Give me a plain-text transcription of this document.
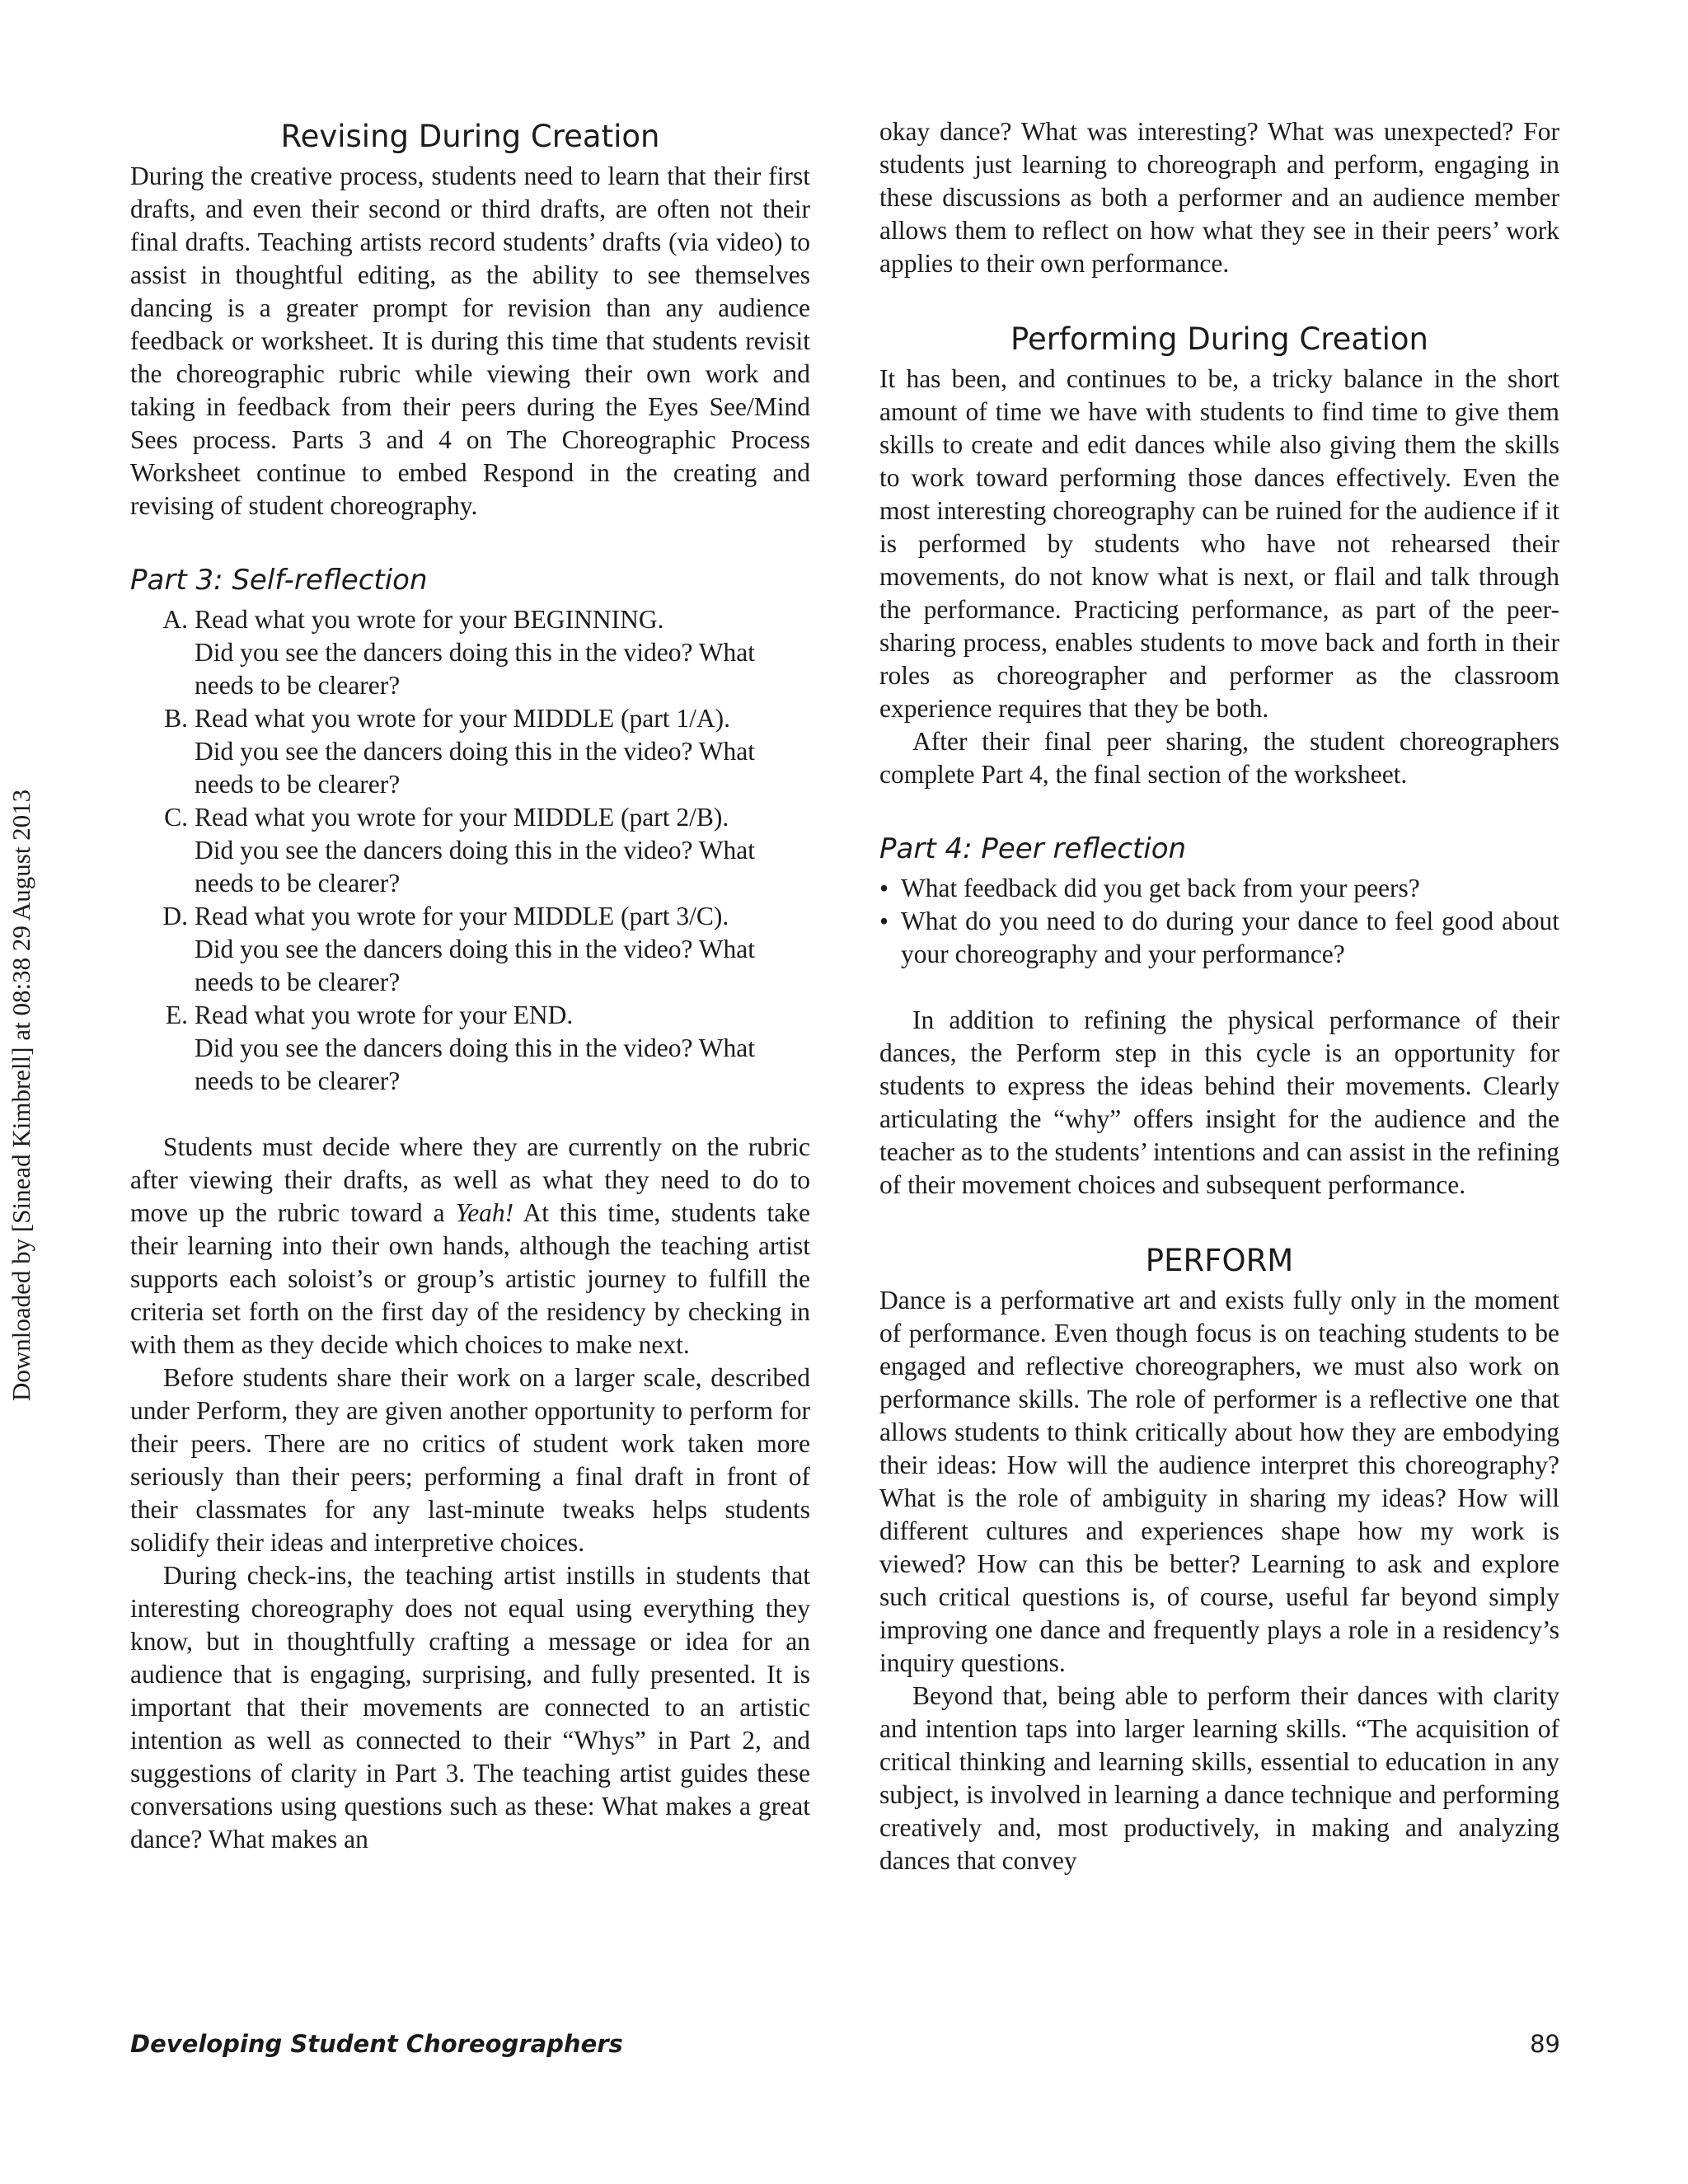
Downloaded by [Sinead Kimbrell] at 08:38 29 August 2013
Revising During Creation

During the creative process, students need to learn that their first drafts, and even their second or third drafts, are often not their final drafts. Teaching artists record students’ drafts (via video) to assist in thoughtful editing, as the ability to see themselves dancing is a greater prompt for revision than any audience feedback or worksheet. It is during this time that students revisit the choreographic rubric while viewing their own work and taking in feedback from their peers during the Eyes See/Mind Sees process. Parts 3 and 4 on The Choreographic Process Worksheet continue to embed Respond in the creating and revising of student choreography.

Part 3: Self-reflection
A. Read what you wrote for your BEGINNING.
Did you see the dancers doing this in the video? What needs to be clearer?
B. Read what you wrote for your MIDDLE (part 1/A).
Did you see the dancers doing this in the video? What needs to be clearer?
C. Read what you wrote for your MIDDLE (part 2/B).
Did you see the dancers doing this in the video? What needs to be clearer?
D. Read what you wrote for your MIDDLE (part 3/C).
Did you see the dancers doing this in the video? What needs to be clearer?
E. Read what you wrote for your END.
Did you see the dancers doing this in the video? What needs to be clearer?

Students must decide where they are currently on the rubric after viewing their drafts, as well as what they need to do to move up the rubric toward a Yeah! At this time, students take their learning into their own hands, although the teaching artist supports each soloist’s or group’s artistic journey to fulfill the criteria set forth on the first day of the residency by checking in with them as they decide which choices to make next.

Before students share their work on a larger scale, described under Perform, they are given another opportunity to perform for their peers. There are no critics of student work taken more seriously than their peers; performing a final draft in front of their classmates for any last-minute tweaks helps students solidify their ideas and interpretive choices.

During check-ins, the teaching artist instills in students that interesting choreography does not equal using everything they know, but in thoughtfully crafting a message or idea for an audience that is engaging, surprising, and fully presented. It is important that their movements are connected to an artistic intention as well as connected to their “Whys” in Part 2, and suggestions of clarity in Part 3. The teaching artist guides these conversations using questions such as these: What makes a great dance? What makes an

okay dance? What was interesting? What was unexpected? For students just learning to choreograph and perform, engaging in these discussions as both a performer and an audience member allows them to reflect on how what they see in their peers’ work applies to their own performance.

Performing During Creation

It has been, and continues to be, a tricky balance in the short amount of time we have with students to find time to give them skills to create and edit dances while also giving them the skills to work toward performing those dances effectively. Even the most interesting choreography can be ruined for the audience if it is performed by students who have not rehearsed their movements, do not know what is next, or flail and talk through the performance. Practicing performance, as part of the peer-sharing process, enables students to move back and forth in their roles as choreographer and performer as the classroom experience requires that they be both.

After their final peer sharing, the student choreographers complete Part 4, the final section of the worksheet.

Part 4: Peer reflection
• What feedback did you get back from your peers?
• What do you need to do during your dance to feel good about your choreography and your performance?

In addition to refining the physical performance of their dances, the Perform step in this cycle is an opportunity for students to express the ideas behind their movements. Clearly articulating the “why” offers insight for the audience and the teacher as to the students’ intentions and can assist in the refining of their movement choices and subsequent performance.

PERFORM

Dance is a performative art and exists fully only in the moment of performance. Even though focus is on teaching students to be engaged and reflective choreographers, we must also work on performance skills. The role of performer is a reflective one that allows students to think critically about how they are embodying their ideas: How will the audience interpret this choreography? What is the role of ambiguity in sharing my ideas? How will different cultures and experiences shape how my work is viewed? How can this be better? Learning to ask and explore such critical questions is, of course, useful far beyond simply improving one dance and frequently plays a role in a residency’s inquiry questions.

Beyond that, being able to perform their dances with clarity and intention taps into larger learning skills. “The acquisition of critical thinking and learning skills, essential to education in any subject, is involved in learning a dance technique and performing creatively and, most productively, in making and analyzing dances that convey

Developing Student Choreographers	89
